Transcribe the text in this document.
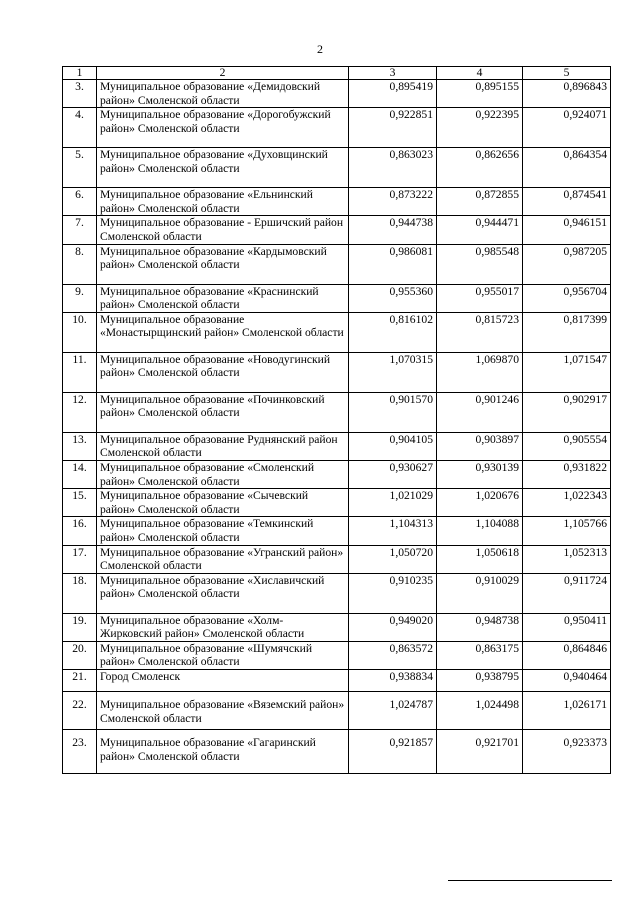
2
1	2	3	4	5
3.	Муниципальное образование «Демидовский район» Смоленской области	0,895419	0,895155	0,896843
4.	Муниципальное образование «Дорогобужский район» Смоленской области	0,922851	0,922395	0,924071
5.	Муниципальное образование «Духовщинский район» Смоленской области	0,863023	0,862656	0,864354
6.	Муниципальное образование «Ельнинский район» Смоленской области	0,873222	0,872855	0,874541
7.	Муниципальное образование - Ершичский район Смоленской области	0,944738	0,944471	0,946151
8.	Муниципальное образование «Кардымовский район» Смоленской области	0,986081	0,985548	0,987205
9.	Муниципальное образование «Краснинский район» Смоленской области	0,955360	0,955017	0,956704
10.	Муниципальное образование «Монастырщинский район» Смоленской области	0,816102	0,815723	0,817399
11.	Муниципальное образование «Новодугинский район» Смоленской области	1,070315	1,069870	1,071547
12.	Муниципальное образование «Починковский район» Смоленской области	0,901570	0,901246	0,902917
13.	Муниципальное образование Руднянский район Смоленской области	0,904105	0,903897	0,905554
14.	Муниципальное образование «Смоленский район» Смоленской области	0,930627	0,930139	0,931822
15.	Муниципальное образование «Сычевский район» Смоленской области	1,021029	1,020676	1,022343
16.	Муниципальное образование «Темкинский район» Смоленской области	1,104313	1,104088	1,105766
17.	Муниципальное образование «Угранский район» Смоленской области	1,050720	1,050618	1,052313
18.	Муниципальное образование «Хиславичский район» Смоленской области	0,910235	0,910029	0,911724
19.	Муниципальное образование «Холм-Жирковский район» Смоленской области	0,949020	0,948738	0,950411
20.	Муниципальное образование «Шумячский район» Смоленской области	0,863572	0,863175	0,864846
21.	Город Смоленск	0,938834	0,938795	0,940464
22.	Муниципальное образование «Вяземский район» Смоленской области	1,024787	1,024498	1,026171
23.	Муниципальное образование «Гагаринский район» Смоленской области	0,921857	0,921701	0,923373
